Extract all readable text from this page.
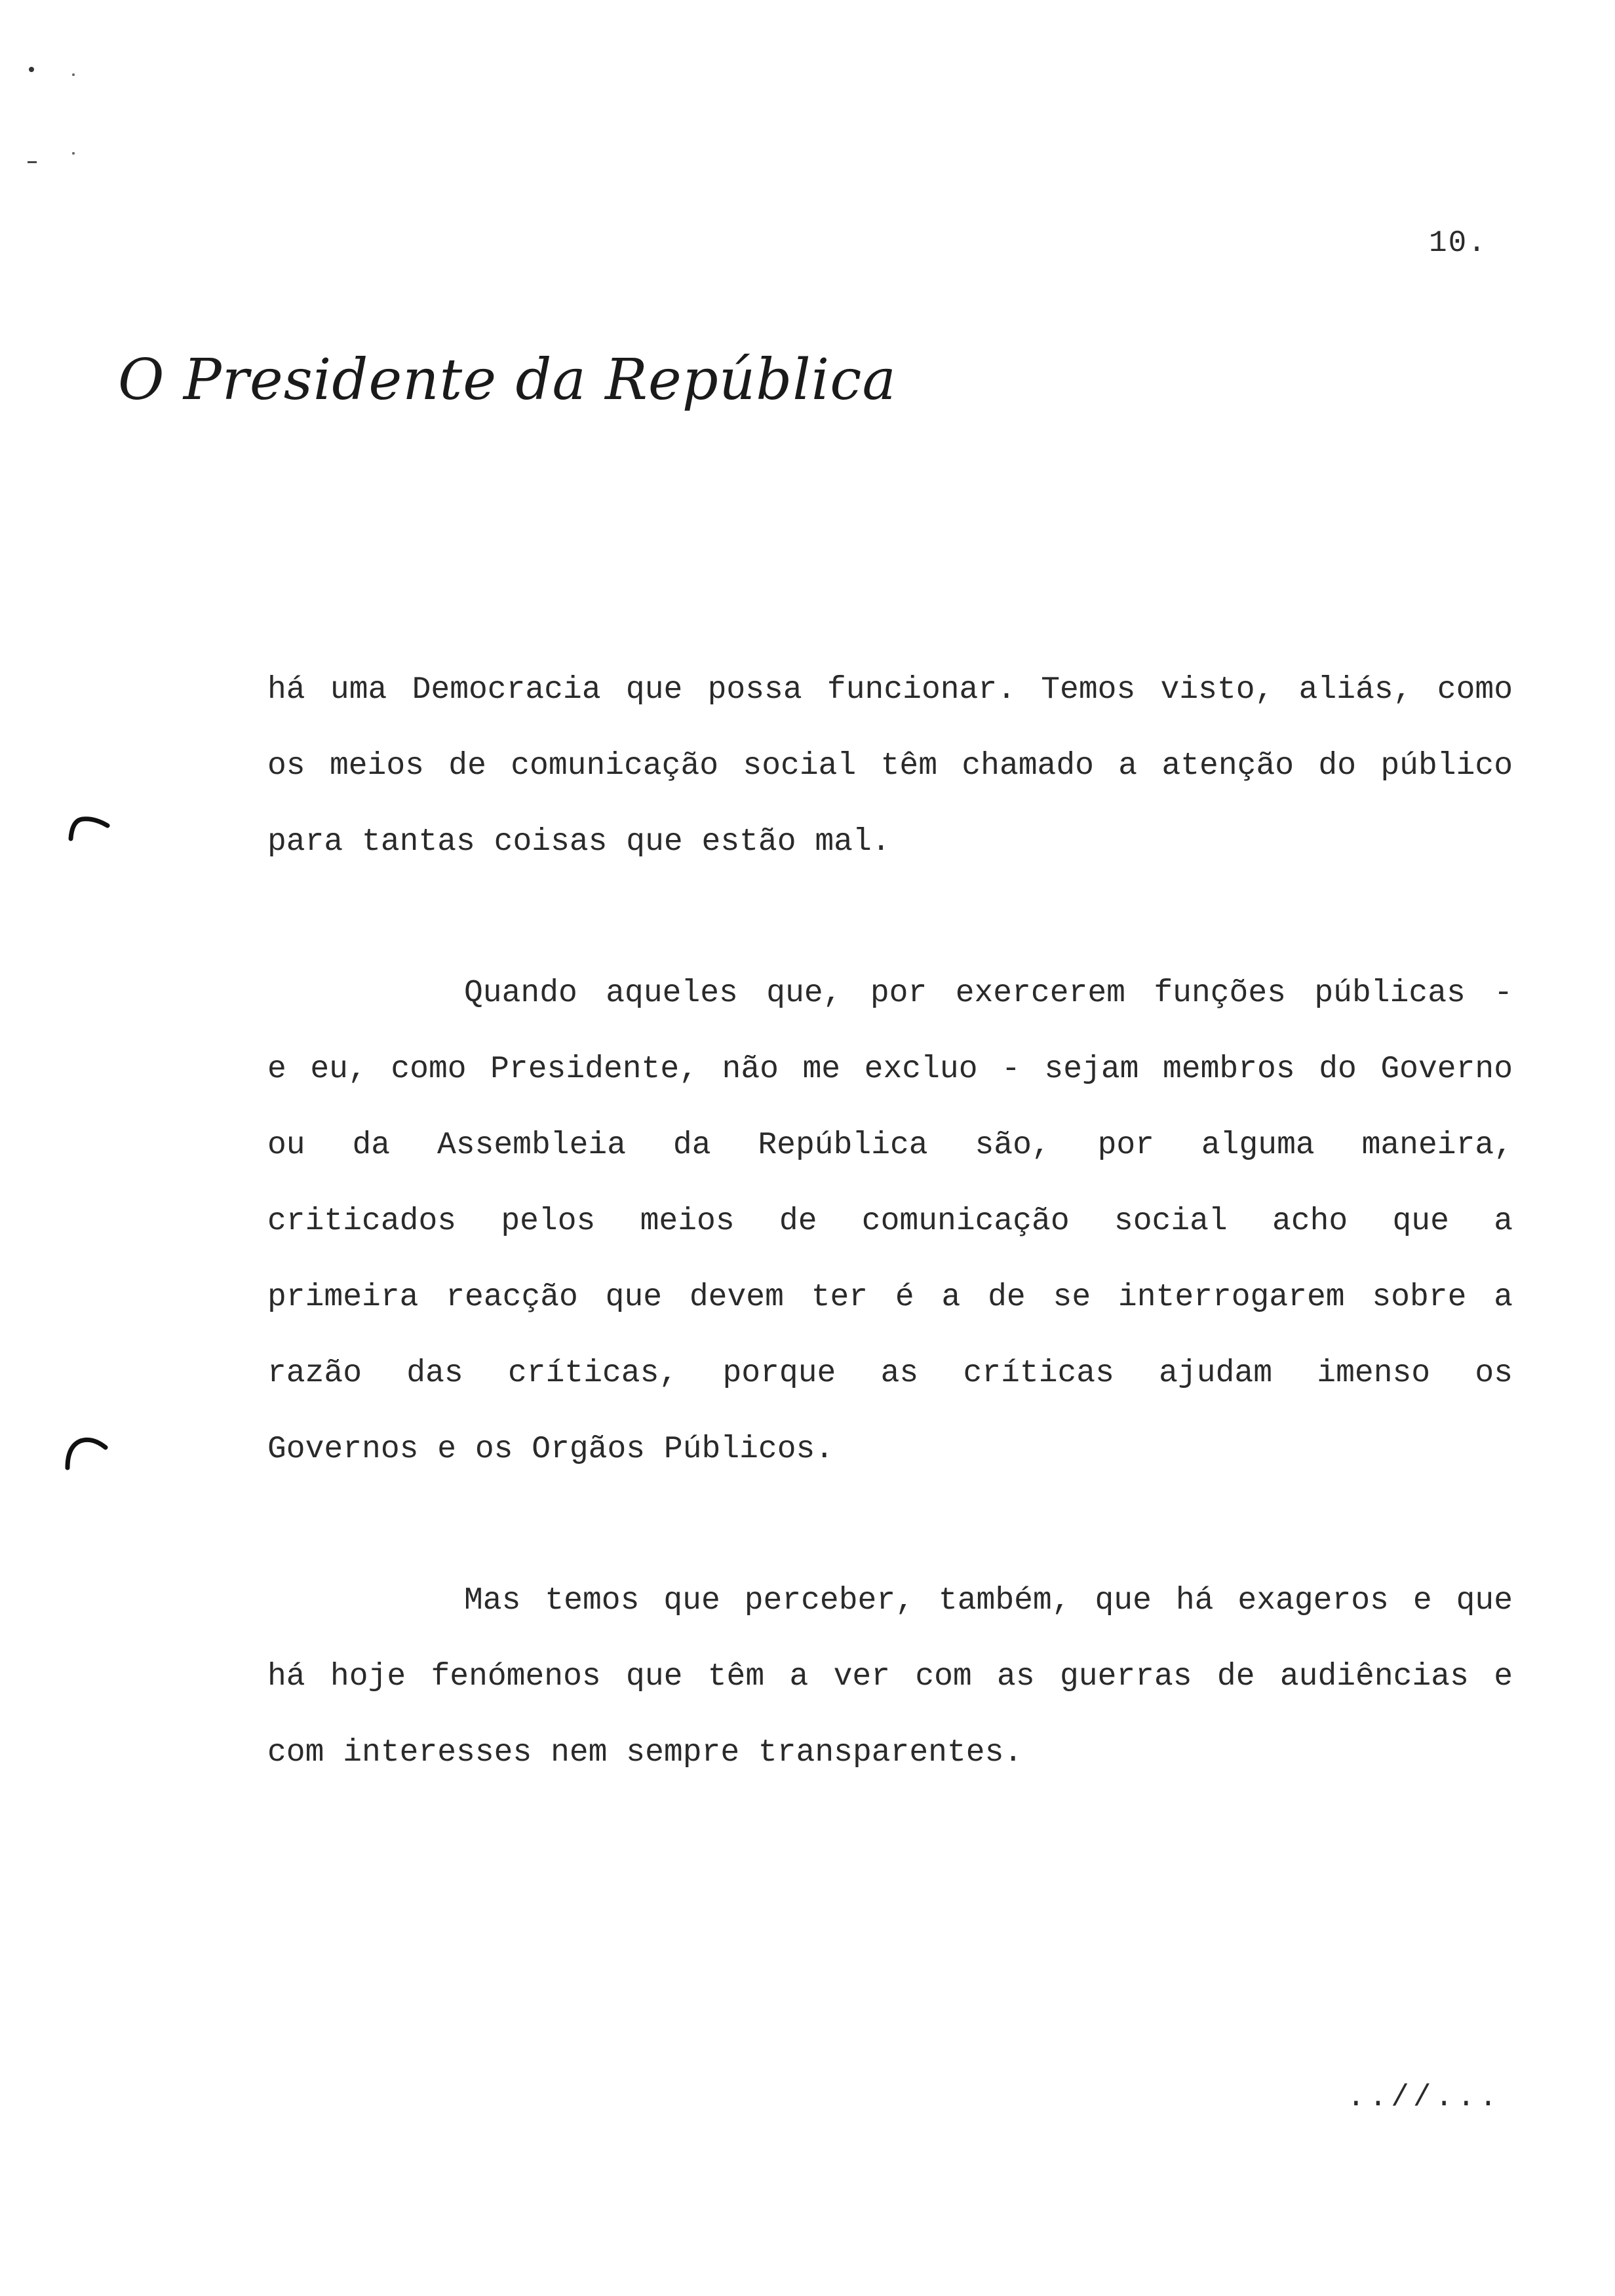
10.
O Presidente da República
há uma Democracia que possa funcionar. Temos visto, aliás, como
os meios de comunicação social têm chamado a atenção do público
para tantas coisas que estão mal.
Quando aqueles que, por exercerem funções públicas -
e eu, como Presidente, não me excluo - sejam membros do Governo
ou da Assembleia da República são, por alguma maneira,
criticados pelos meios de comunicação social acho que a
primeira reacção que devem ter é a de se interrogarem sobre a
razão das críticas, porque as críticas ajudam imenso os
Governos e os Orgãos Públicos.
Mas temos que perceber, também, que há exageros e que
há hoje fenómenos que têm a ver com as guerras de audiências e
com interesses nem sempre transparentes.
..//...
